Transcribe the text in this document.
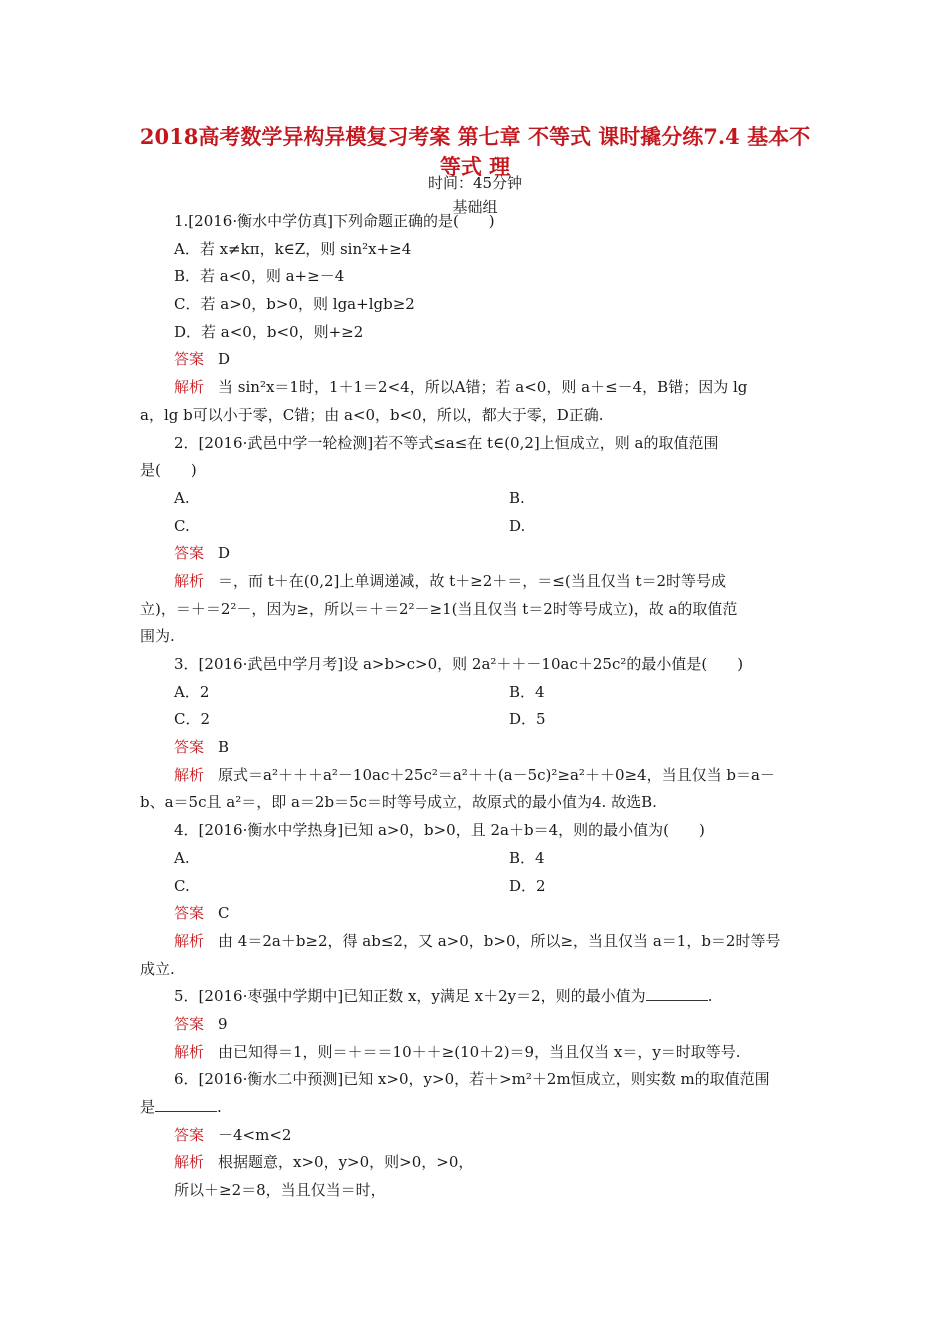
2018高考数学异构异模复习考案 第七章 不等式 课时撬分练7.4 基本不等式 理
时间：45分钟
基础组
1.[2016·衡水中学仿真]下列命题正确的是(　　)
A．若 x≠kπ，k∈Z，则 sin²x+≥4
B．若 a<0，则 a+≥－4
C．若 a>0，b>0，则 lga+lgb≥2
D．若 a<0，b<0，则+≥2
答案 D
解析 当 sin²x＝1时，1＋1＝2<4，所以A错；若 a<0，则 a＋≤－4，B错；因为 lg
a，lg b可以小于零，C错；由 a<0，b<0，所以，都大于零，D正确.
2．[2016·武邑中学一轮检测]若不等式≤a≤在 t∈(0,2]上恒成立，则 a的取值范围
是(　　)
A.	B.
C.	D.
答案 D
解析 ＝，而 t＋在(0,2]上单调递减，故 t＋≥2＋＝，＝≤(当且仅当 t＝2时等号成
立)，＝＋＝2²－，因为≥，所以＝＋＝2²－≥1(当且仅当 t＝2时等号成立)，故 a的取值范
围为.
3．[2016·武邑中学月考]设 a>b>c>0，则 2a²＋＋－10ac＋25c²的最小值是(　　)
A．2	B．4
C．2	D．5
答案 B
解析 原式＝a²＋＋＋a²－10ac＋25c²＝a²＋＋(a－5c)²≥a²＋＋0≥4，当且仅当 b＝a－
b、a＝5c且 a²＝，即 a＝2b＝5c＝时等号成立，故原式的最小值为4. 故选B.
4．[2016·衡水中学热身]已知 a>0，b>0，且 2a＋b＝4，则的最小值为(　　)
A.	B．4
C.	D．2
答案 C
解析 由 4＝2a＋b≥2，得 ab≤2，又 a>0，b>0，所以≥，当且仅当 a＝1，b＝2时等号
成立.
5．[2016·枣强中学期中]已知正数 x，y满足 x＋2y＝2，则的最小值为	.
答案 9
解析 由已知得＝1，则＝＋＝＝10＋＋≥(10＋2)＝9，当且仅当 x＝，y＝时取等号.
6．[2016·衡水二中预测]已知 x>0，y>0，若＋>m²＋2m恒成立，则实数 m的取值范围
是	.
答案 －4<m<2
解析 根据题意，x>0，y>0，则>0，>0，
所以＋≥2＝8，当且仅当＝时，
